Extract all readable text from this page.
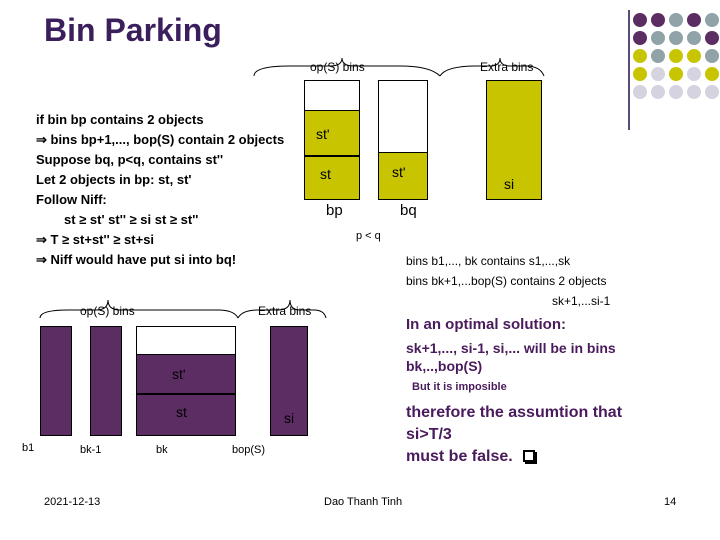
Bin Parking
op(S) bins	Extra bins
st'
st	st'
si
bp	bq
p < q
if bin bp contains 2 objects
⇒ bins bp+1,..., bop(S) contain 2 objects
Suppose bq, p<q, contains st''
Let 2 objects in bp: st, st'
Follow Niff:
st ≥ st' st'' ≥ si st ≥ st''
⇒ T ≥ st+st'' ≥ st+si
⇒ Niff would have put si into bq!
op(S) bins	Extra bins
st'
st	si
b1	bk-1	bk	bop(S)
bins b1,..., bk contains s1,...,sk
bins bk+1,...bop(S) contains 2 objects
sk+1,...si-1
In an optimal solution:
sk+1,..., si-1, si,... will be in bins
bk,..,bop(S)
But it is imposible
therefore the assumtion that
si>T/3
must be false.
2021-12-13	Dao Thanh Tinh	14
